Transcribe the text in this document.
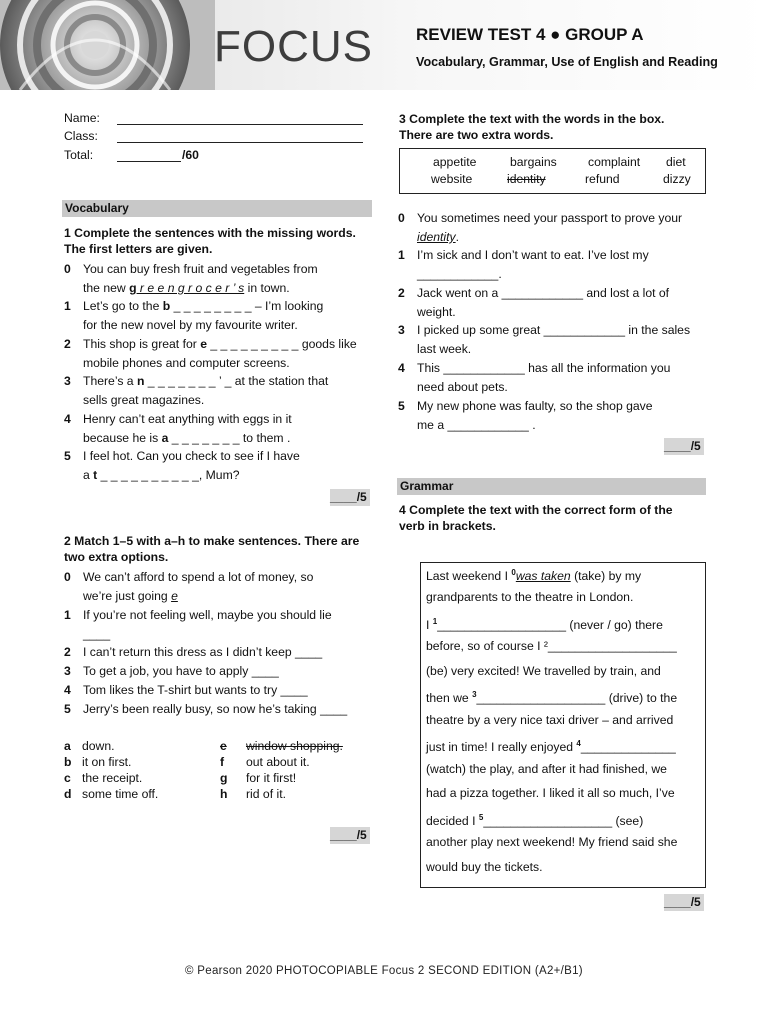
FOCUS	REVIEW TEST 4 ● GROUP A
Vocabulary, Grammar, Use of English and Reading
Name:
Class:
Total:	/60
Vocabulary
1 Complete the sentences with the missing words.
The first letters are given.
0 You can buy fresh fruit and vegetables from
the new g r e e n g r o c e r ’ s in town.
1 Let’s go to the b _ _ _ _ _ _ _ _ – I’m looking
for the new novel by my favourite writer.
2 This shop is great for e _ _ _ _ _ _ _ _ _ goods like
mobile phones and computer screens.
3 There’s a n _ _ _ _ _ _ _ ’ _ at the station that
sells great magazines.
4 Henry can’t eat anything with eggs in it
because he is a _ _ _ _ _ _ _ to them .
5 I feel hot. Can you check to see if I have
a t _ _ _ _ _ _ _ _ _ _, Mum?
____/5
2 Match 1–5 with a–h to make sentences. There are
two extra options.
0 We can’t afford to spend a lot of money, so
we’re just going e
1 If you’re not feeling well, maybe you should lie
____
2 I can’t return this dress as I didn’t keep ____
3 To get a job, you have to apply ____
4 Tom likes the T-shirt but wants to try ____
5 Jerry’s been really busy, so now he’s taking ____
a down.
b it on first.
c the receipt.
d some time off.
e window shopping.
f out about it.
g for it first!
h rid of it.
____/5
3 Complete the text with the words in the box.
There are two extra words.
appetite	bargains	complaint diet
website	identity	refund	dizzy
0 You sometimes need your passport to prove your
identity.
1 I’m sick and I don’t want to eat. I’ve lost my
____________.
2 Jack went on a ____________ and lost a lot of
weight.
3 I picked up some great ____________ in the sales
last week.
4 This ____________ has all the information you
need about pets.
5 My new phone was faulty, so the shop gave
me a ____________ .
____/5
Grammar
4 Complete the text with the correct form of the
verb in brackets.
Last weekend I $^0$was taken (take) by my
grandparents to the theatre in London.
I $^1$___________________ (never / go) there
before, so of course I ²___________________
(be) very excited! We travelled by train, and
then we $^3$___________________ (drive) to the
theatre by a very nice taxi driver – and arrived
just in time! I really enjoyed $^4$______________
(watch) the play, and after it had finished, we
had a pizza together. I liked it all so much, I’ve
decided I $^5$___________________ (see)
another play next weekend! My friend said she
would buy the tickets.
____/5
© Pearson 2020 PHOTOCOPIABLE Focus 2 SECOND EDITION (A2+/B1)
